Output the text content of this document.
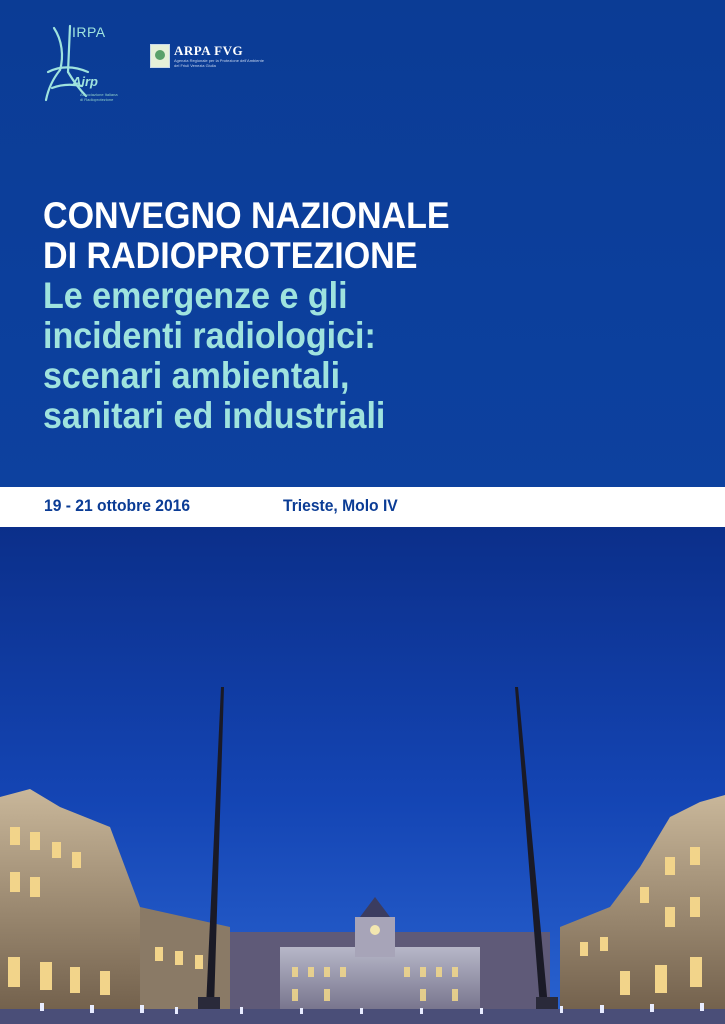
IRPA
Airp
Associazione Italiana di Radioprotezione
ARPA FVG
Agenzia Regionale per la Protezione dell'Ambiente del Friuli Venezia Giulia
CONVEGNO NAZIONALE
DI RADIOPROTEZIONE
Le emergenze e gli
incidenti radiologici:
scenari ambientali,
sanitari ed industriali
19 - 21 ottobre 2016	Trieste, Molo IV
